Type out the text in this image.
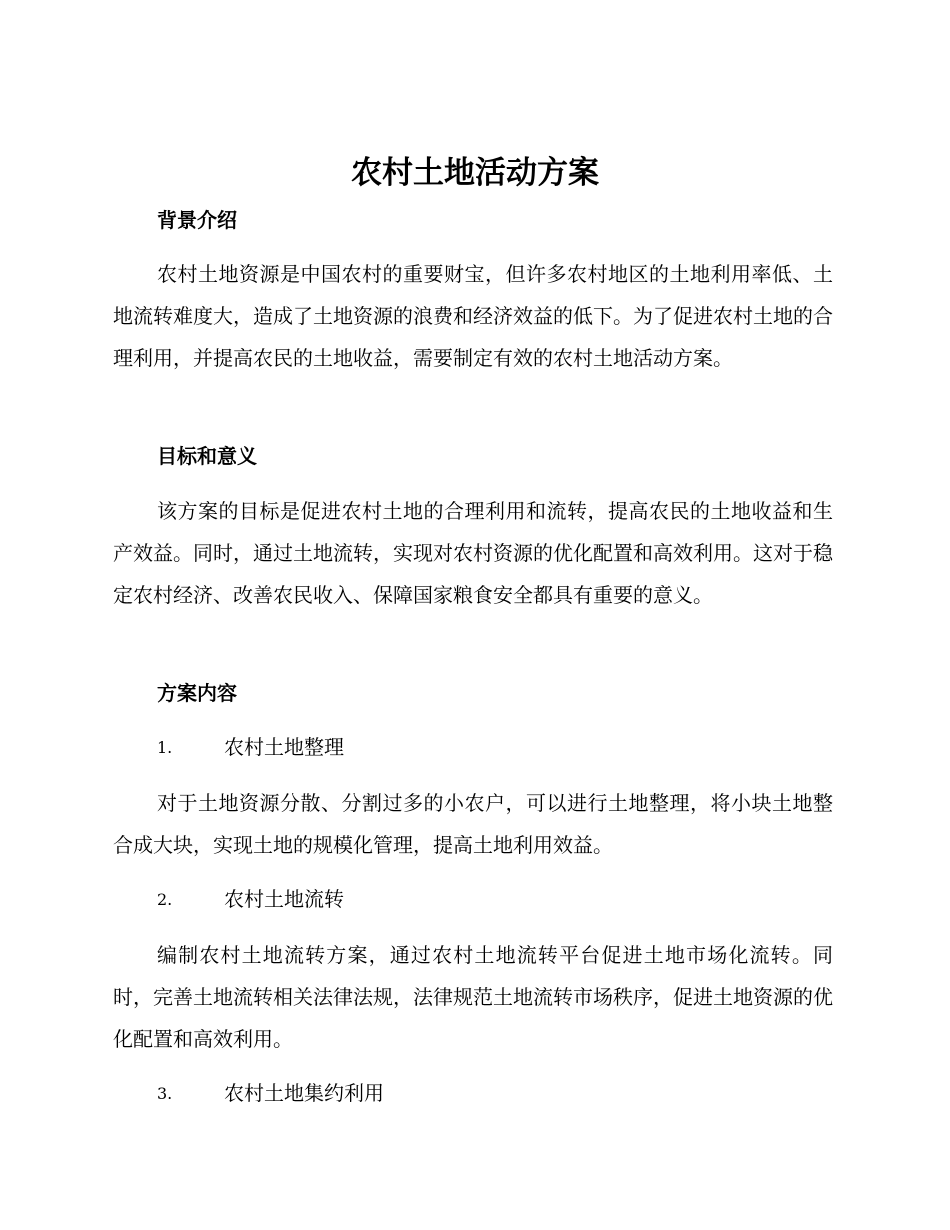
农村土地活动方案
背景介绍
农村土地资源是中国农村的重要财宝，但许多农村地区的土地利用率低、土地流转难度大，造成了土地资源的浪费和经济效益的低下。为了促进农村土地的合理利用，并提高农民的土地收益，需要制定有效的农村土地活动方案。
目标和意义
该方案的目标是促进农村土地的合理利用和流转，提高农民的土地收益和生产效益。同时，通过土地流转，实现对农村资源的优化配置和高效利用。这对于稳定农村经济、改善农民收入、保障国家粮食安全都具有重要的意义。
方案内容
1.	农村土地整理
对于土地资源分散、分割过多的小农户，可以进行土地整理，将小块土地整合成大块，实现土地的规模化管理，提高土地利用效益。
2.	农村土地流转
编制农村土地流转方案，通过农村土地流转平台促进土地市场化流转。同时，完善土地流转相关法律法规，法律规范土地流转市场秩序，促进土地资源的优化配置和高效利用。
3.	农村土地集约利用
